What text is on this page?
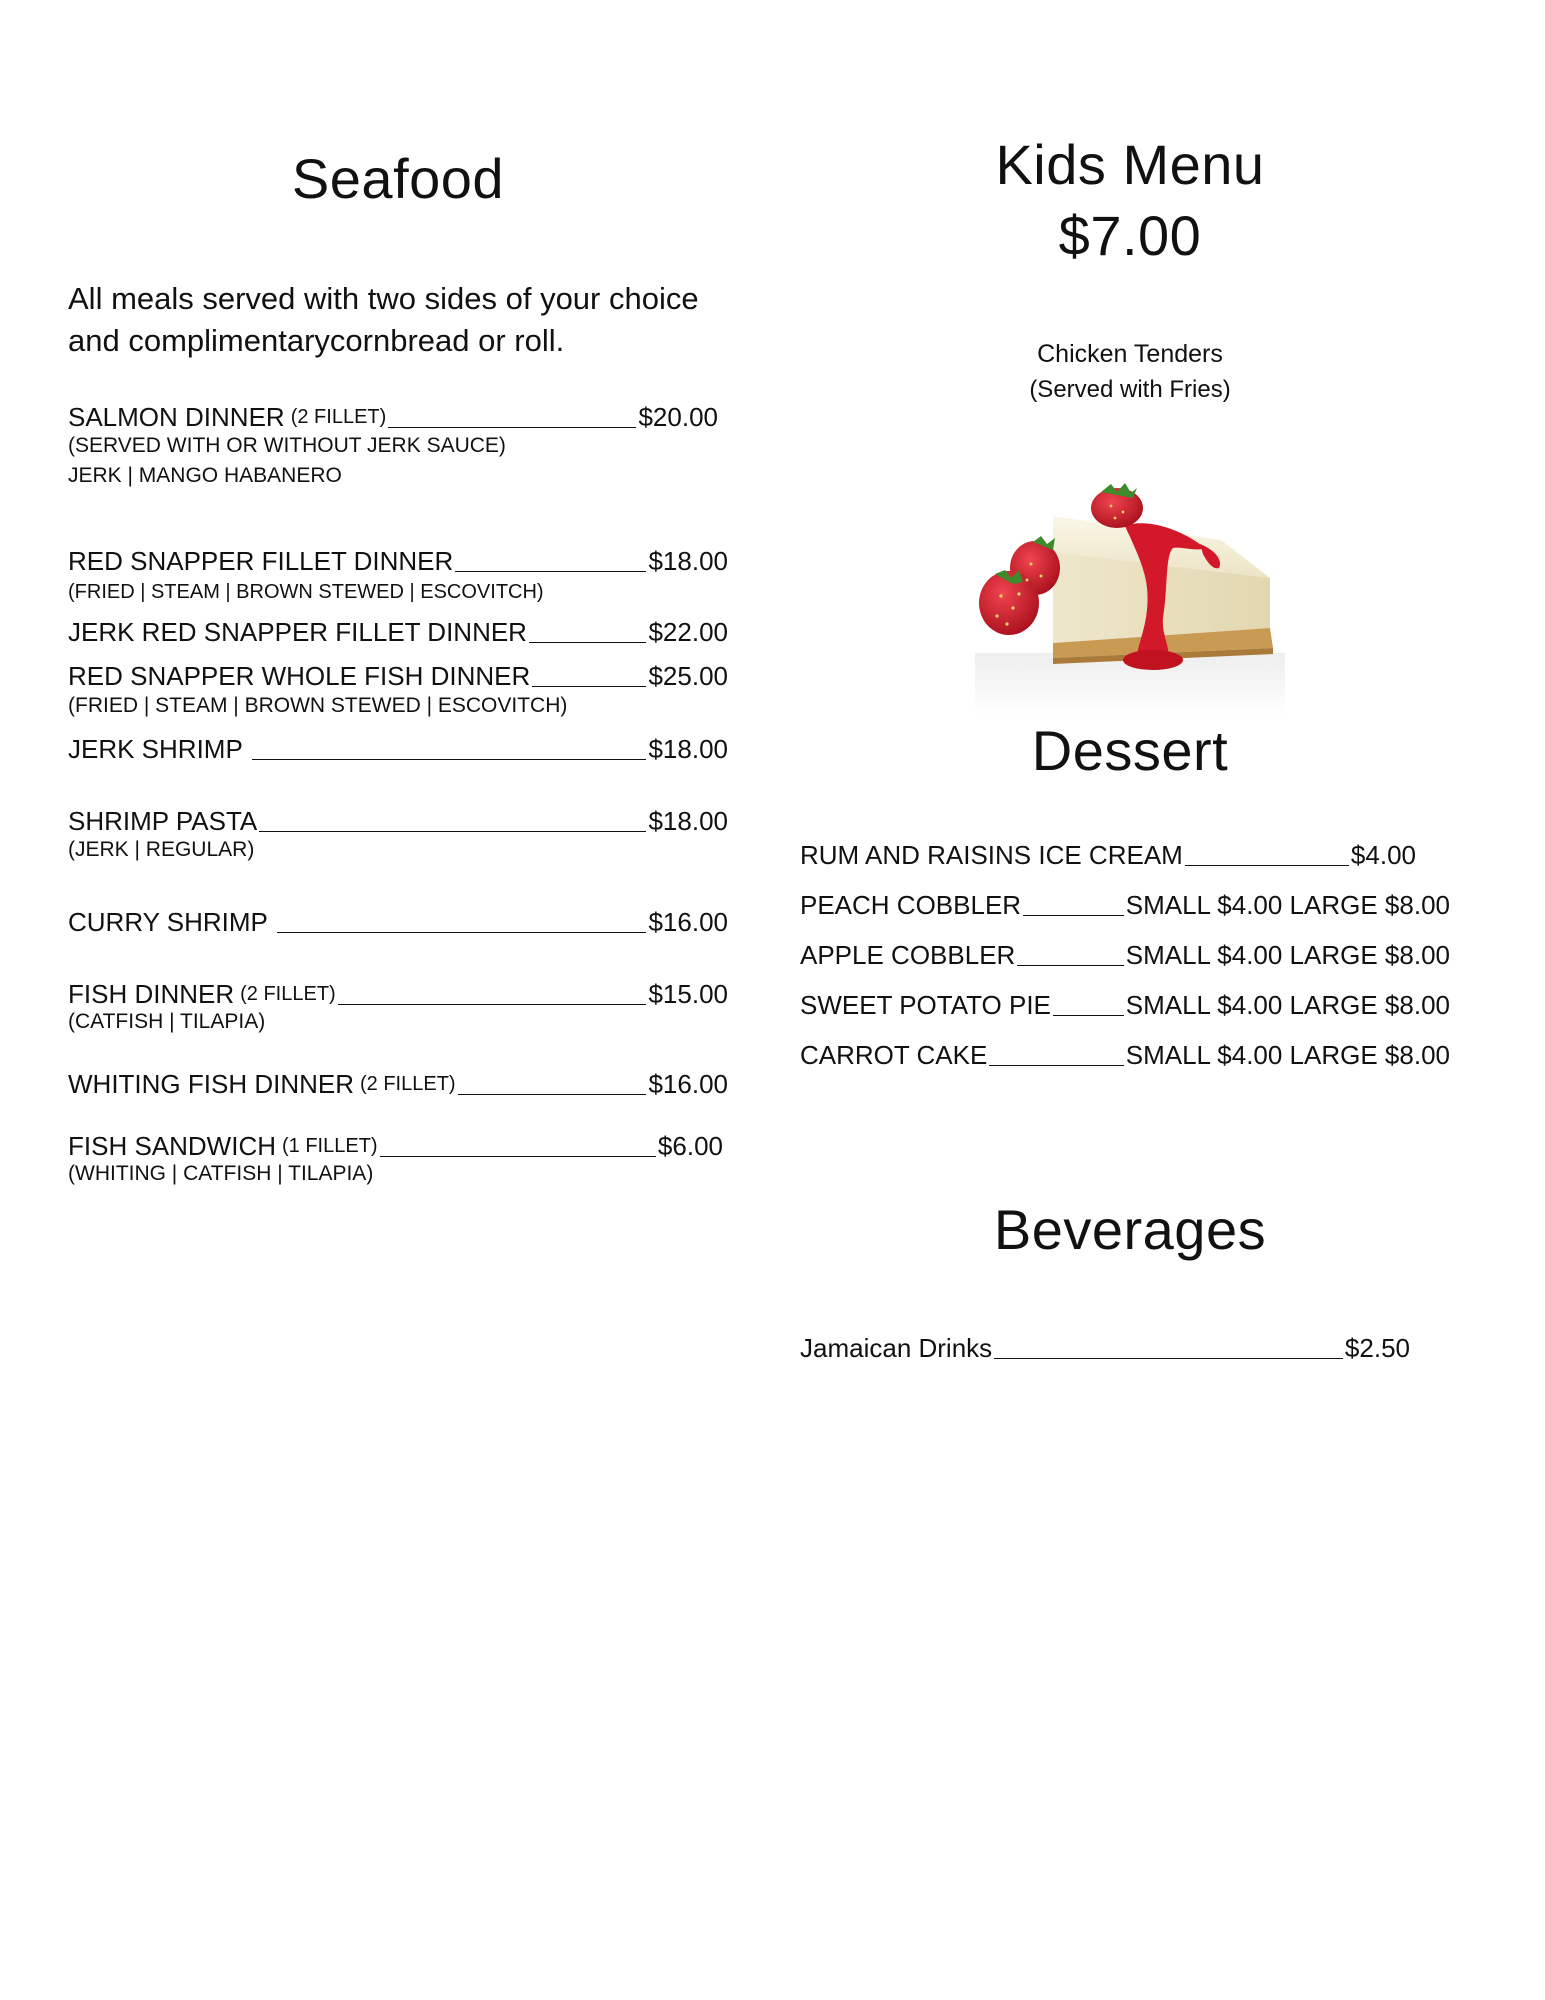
Seafood

All meals served with two sides of your choice

and complimentarycornbread or roll.

SALMON DINNER (2 FILLET)	$20.00
(SERVED WITH OR WITHOUT JERK SAUCE)
JERK | MANGO HABANERO
RED SNAPPER FILLET DINNER	$18.00
(FRIED | STEAM | BROWN STEWED | ESCOVITCH)
JERK RED SNAPPER FILLET DINNER	$22.00
RED SNAPPER WHOLE FISH DINNER	$25.00
(FRIED | STEAM | BROWN STEWED | ESCOVITCH)
JERK SHRIMP	$18.00
SHRIMP PASTA	$18.00
(JERK | REGULAR)
CURRY SHRIMP	$16.00
FISH DINNER (2 FILLET)	$15.00
(CATFISH | TILAPIA)
WHITING FISH DINNER (2 FILLET)	$16.00
FISH SANDWICH (1 FILLET)	$6.00
(WHITING | CATFISH | TILAPIA)
Kids Menu
$7.00
Chicken Tenders
(Served with Fries)
Dessert
RUM AND RAISINS ICE CREAM	$4.00
PEACH COBBLER	SMALL $4.00 LARGE $8.00
APPLE COBBLER	SMALL $4.00 LARGE $8.00
SWEET POTATO PIE	SMALL $4.00 LARGE $8.00
CARROT CAKE	SMALL $4.00 LARGE $8.00
Beverages
Jamaican Drinks	$2.50
